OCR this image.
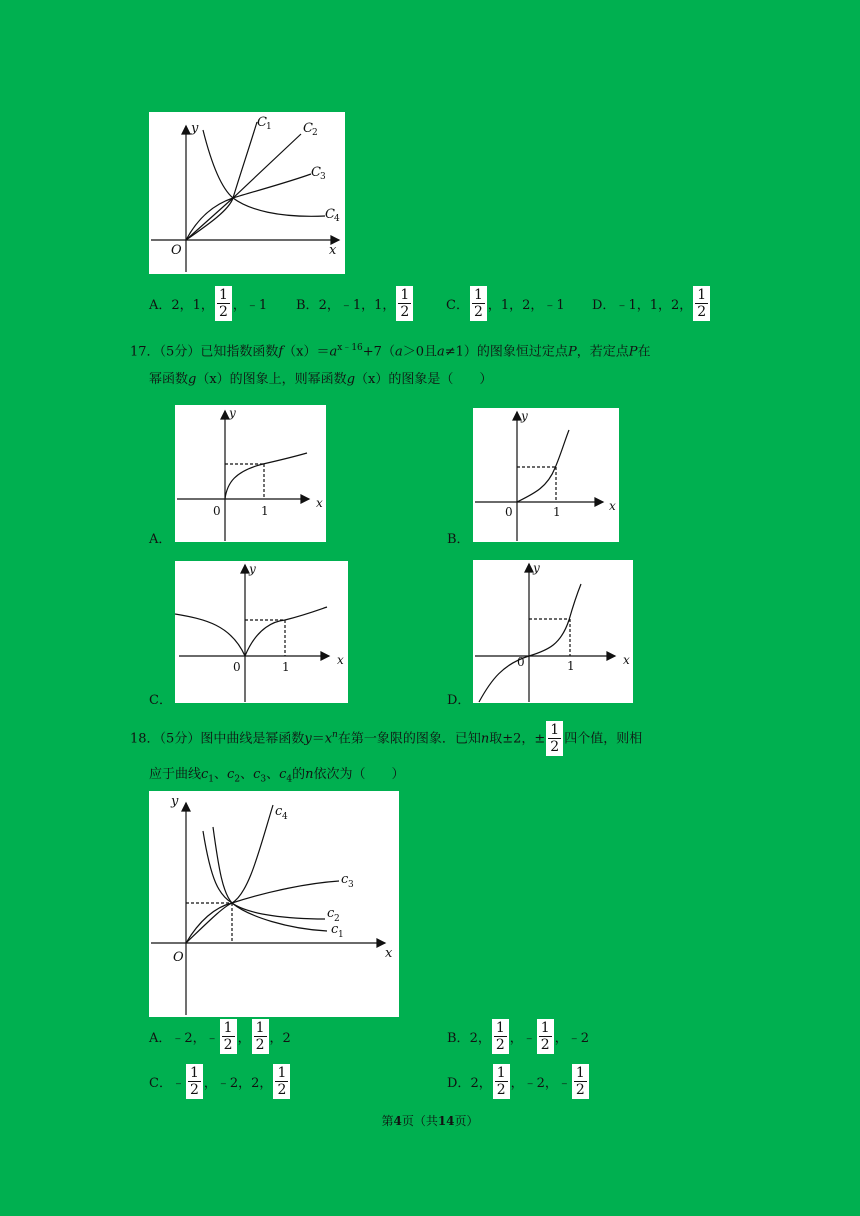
y
x
O
C 1 C 2
C 3
C 4
A．2，1， $\frac{1}{2}$ ，﹣1 B．2，﹣1，1， $\frac{1}{2}$	C． $\frac{1}{2}$ ，1，2，﹣1 D．﹣1，1，2， $\frac{1}{2}$
17．（5分）已知指数函数$f(x)=a^{x﹣16}+7(a>0$且a≠1）的图象恒过定点P，若定点P在
幂函数g（x）的图象上，则幂函数g（x）的图象是（　　）
A．
y
x
0	1
B．
y
x
0	1
C．
y
x
0	1
D．
y
x
0	1
18．（5分）图中曲线是幂函数$y=x^n$在第一象限的图象．已知n取±2，± $\frac{1}{2}$ 四个值，则相
应于曲线$c_1$、$c_2$、$c_3$、$c_4$的n依次为（　　）
y
x
O
c 4
c 3
c 2
c 1
A．﹣2，﹣ $\frac{1}{2}$ ， $\frac{1}{2}$ ，2	B．2， $\frac{1}{2}$ ，﹣ $\frac{1}{2}$ ，﹣2
C．﹣ $\frac{1}{2}$ ，﹣2，2， $\frac{1}{2}$	D．2， $\frac{1}{2}$ ，﹣2，﹣ $\frac{1}{2}$
第4页（共14页）
